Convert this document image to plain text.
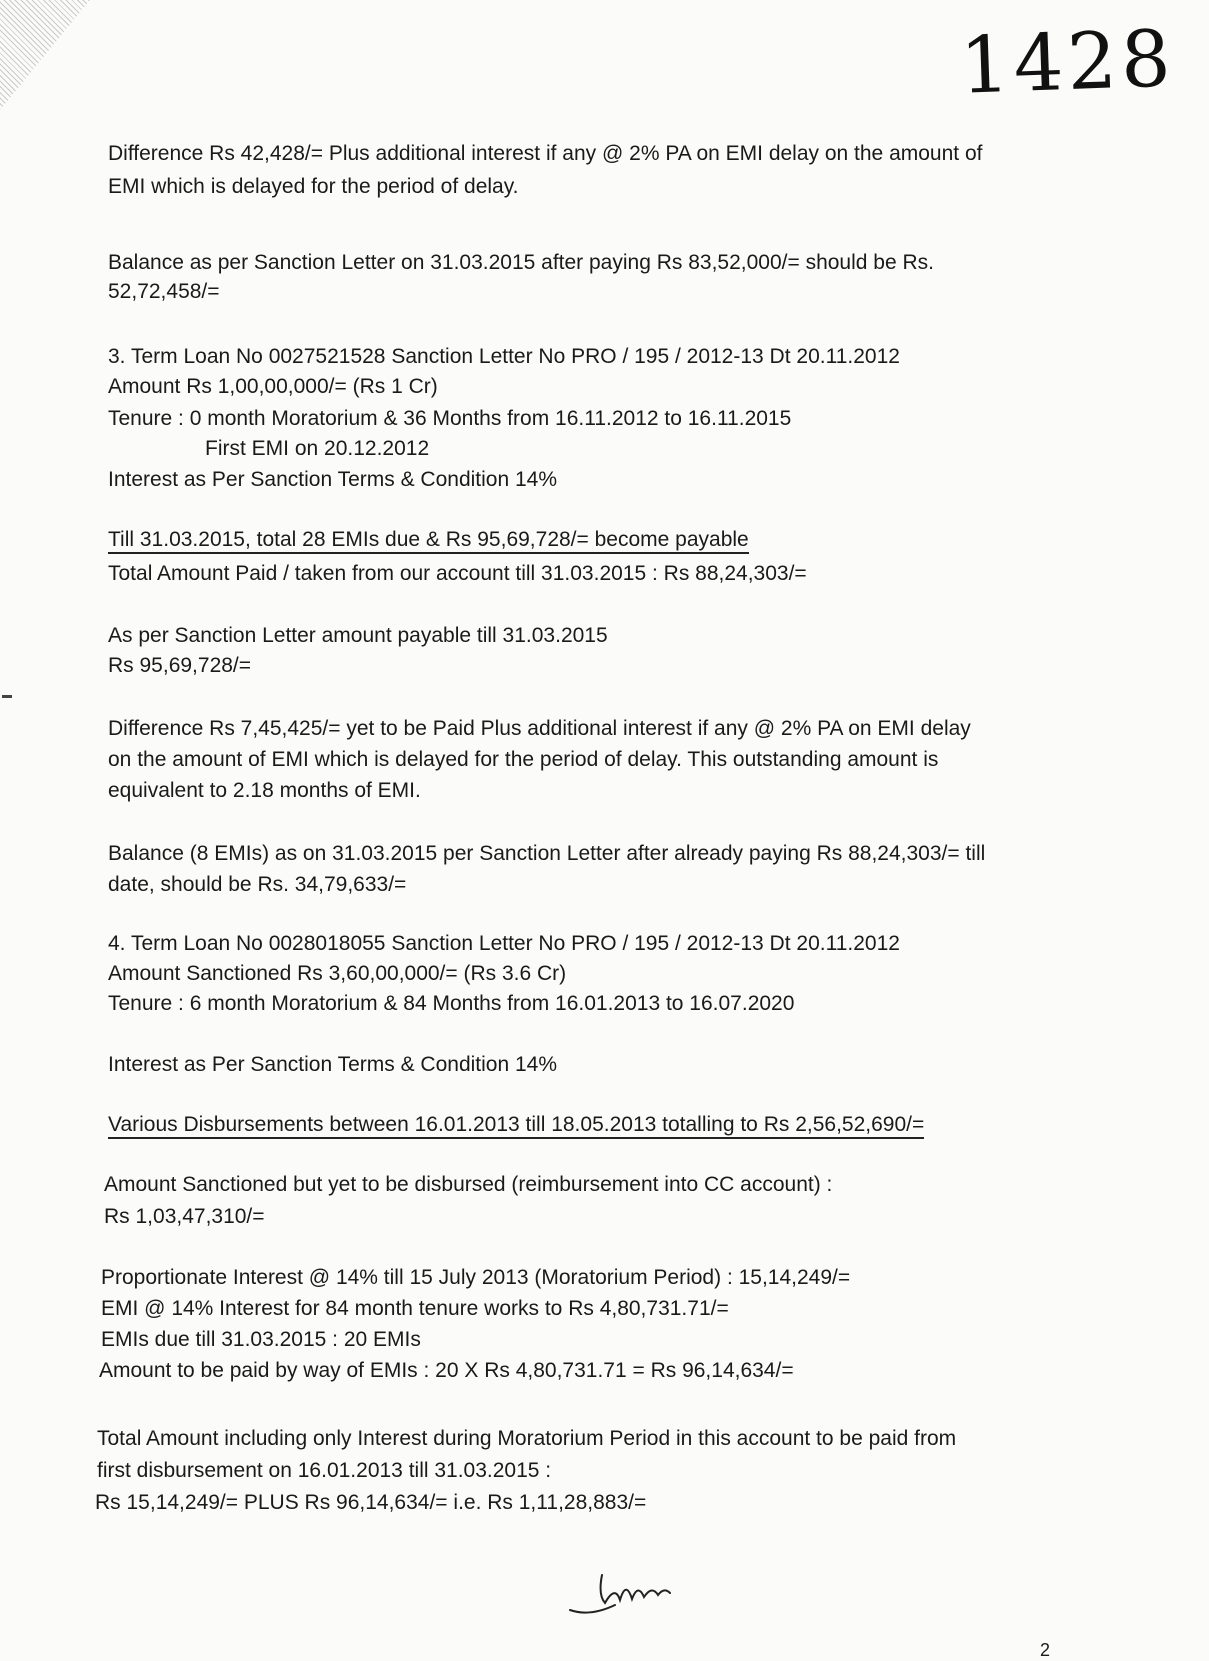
1428
Difference Rs 42,428/= Plus additional interest if any @ 2% PA on EMI delay on the amount of
EMI which is delayed for the period of delay.
Balance as per Sanction Letter on 31.03.2015 after paying Rs 83,52,000/= should be Rs.
52,72,458/=
3. Term Loan No 0027521528 Sanction Letter No PRO / 195 / 2012-13 Dt 20.11.2012
Amount Rs 1,00,00,000/= (Rs 1 Cr)
Tenure : 0 month Moratorium & 36 Months from 16.11.2012 to 16.11.2015
First EMI on 20.12.2012
Interest as Per Sanction Terms & Condition 14%
Till 31.03.2015, total 28 EMIs due & Rs 95,69,728/= become payable
Total Amount Paid / taken from our account till 31.03.2015 : Rs 88,24,303/=
As per Sanction Letter amount payable till 31.03.2015
Rs 95,69,728/=
Difference Rs 7,45,425/= yet to be Paid Plus additional interest if any @ 2% PA on EMI delay
on the amount of EMI which is delayed for the period of delay. This outstanding amount is
equivalent to 2.18 months of EMI.
Balance (8 EMIs) as on 31.03.2015 per Sanction Letter after already paying Rs 88,24,303/= till
date, should be Rs. 34,79,633/=
4. Term Loan No 0028018055 Sanction Letter No PRO / 195 / 2012-13 Dt 20.11.2012
Amount Sanctioned Rs 3,60,00,000/= (Rs 3.6 Cr)
Tenure : 6 month Moratorium & 84 Months from 16.01.2013 to 16.07.2020
Interest as Per Sanction Terms & Condition 14%
Various Disbursements between 16.01.2013 till 18.05.2013 totalling to Rs 2,56,52,690/=
Amount Sanctioned but yet to be disbursed (reimbursement into CC account) :
Rs 1,03,47,310/=
Proportionate Interest @ 14% till 15 July 2013 (Moratorium Period) : 15,14,249/=
EMI @ 14% Interest for 84 month tenure works to Rs 4,80,731.71/=
EMIs due till 31.03.2015 : 20 EMIs
Amount to be paid by way of EMIs : 20 X Rs 4,80,731.71 = Rs 96,14,634/=
Total Amount including only Interest during Moratorium Period in this account to be paid from
first disbursement on 16.01.2013 till 31.03.2015 :
Rs 15,14,249/= PLUS Rs 96,14,634/= i.e. Rs 1,11,28,883/=
2
